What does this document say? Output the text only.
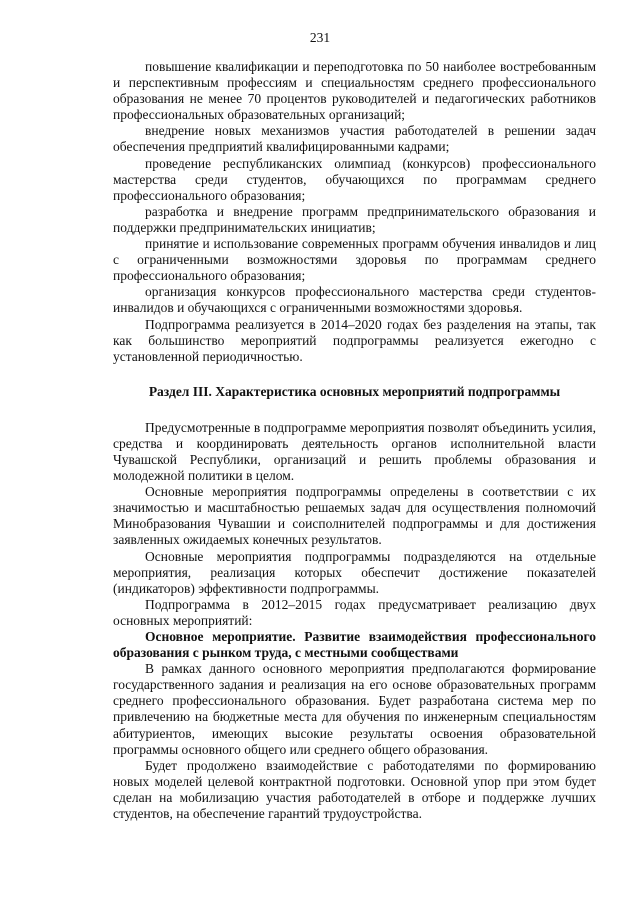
231

повышение квалификации и переподготовка по 50 наиболее востребованным и перспективным профессиям и специальностям среднего профессионального образования не менее 70 процентов руководителей и педагогических работников профессиональных образовательных организаций;

внедрение новых механизмов участия работодателей в решении задач обеспечения предприятий квалифицированными кадрами;

проведение республиканских олимпиад (конкурсов) профессионального мастерства среди студентов, обучающихся по программам среднего профессионального образования;

разработка и внедрение программ предпринимательского образования и поддержки предпринимательских инициатив;

принятие и использование современных программ обучения инвалидов и лиц с ограниченными возможностями здоровья по программам среднего профессионального образования;

организация конкурсов профессионального мастерства среди студентов-инвалидов и обучающихся с ограниченными возможностями здоровья.

Подпрограмма реализуется в 2014–2020 годах без разделения на этапы, так как большинство мероприятий подпрограммы реализуется ежегодно с установленной периодичностью.

Раздел III. Характеристика основных мероприятий подпрограммы

Предусмотренные в подпрограмме мероприятия позволят объединить усилия, средства и координировать деятельность органов исполнительной власти Чувашской Республики, организаций и решить проблемы образования и молодежной политики в целом.

Основные мероприятия подпрограммы определены в соответствии с их значимостью и масштабностью решаемых задач для осуществления полномочий Минобразования Чувашии и соисполнителей подпрограммы и для достижения заявленных ожидаемых конечных результатов.

Основные мероприятия подпрограммы подразделяются на отдельные мероприятия, реализация которых обеспечит достижение показателей (индикаторов) эффективности подпрограммы.

Подпрограмма в 2012–2015 годах предусматривает реализацию двух основных мероприятий:

Основное мероприятие. Развитие взаимодействия профессионального образования с рынком труда, с местными сообществами

В рамках данного основного мероприятия предполагаются формирование государственного задания и реализация на его основе образовательных программ среднего профессионального образования. Будет разработана система мер по привлечению на бюджетные места для обучения по инженерным специальностям абитуриентов, имеющих высокие результаты освоения образовательной программы основного общего или среднего общего образования.

Будет продолжено взаимодействие с работодателями по формированию новых моделей целевой контрактной подготовки. Основной упор при этом будет сделан на мобилизацию участия работодателей в отборе и поддержке лучших студентов, на обеспечение гарантий трудоустройства.
